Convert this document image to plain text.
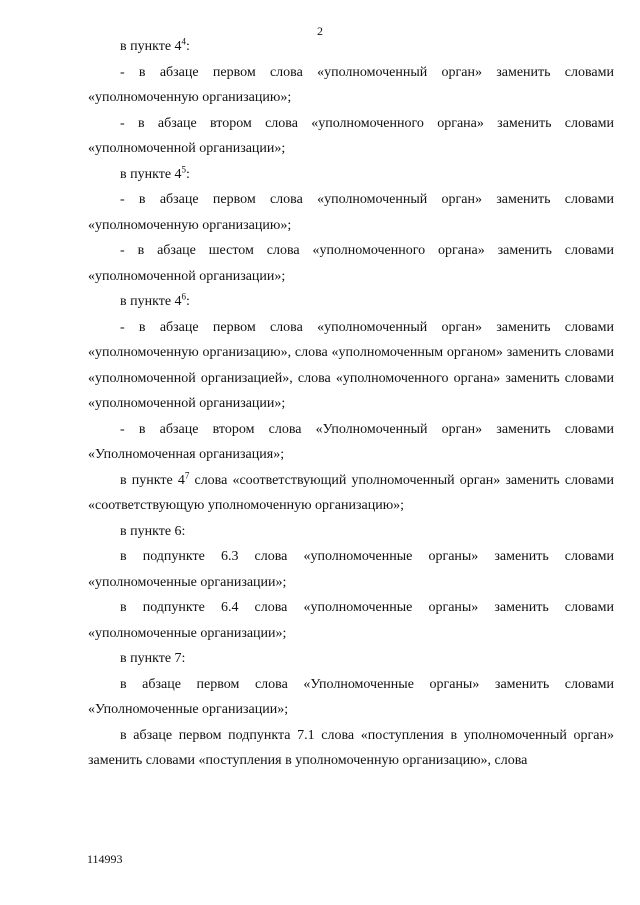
2

в пункте $4^4$:

- в абзаце первом слова «уполномоченный орган» заменить словами «уполномоченную организацию»;

- в абзаце втором слова «уполномоченного органа» заменить словами «уполномоченной организации»;

в пункте $4^5$:

- в абзаце первом слова «уполномоченный орган» заменить словами «уполномоченную организацию»;

- в абзаце шестом слова «уполномоченного органа» заменить словами «уполномоченной организации»;

в пункте $4^6$:

- в абзаце первом слова «уполномоченный орган» заменить словами «уполномоченную организацию», слова «уполномоченным органом» заменить словами «уполномоченной организацией», слова «уполномоченного органа» заменить словами «уполномоченной организации»;

- в абзаце втором слова «Уполномоченный орган» заменить словами «Уполномоченная организация»;

в пункте $4^7$ слова «соответствующий уполномоченный орган» заменить словами «соответствующую уполномоченную организацию»;

в пункте 6:

в подпункте 6.3 слова «уполномоченные органы» заменить словами «уполномоченные организации»;

в подпункте 6.4 слова «уполномоченные органы» заменить словами «уполномоченные организации»;

в пункте 7:

в абзаце первом слова «Уполномоченные органы» заменить словами «Уполномоченные организации»;

в абзаце первом подпункта 7.1 слова «поступления в уполномоченный орган» заменить словами «поступления в уполномоченную организацию», слова

114993
